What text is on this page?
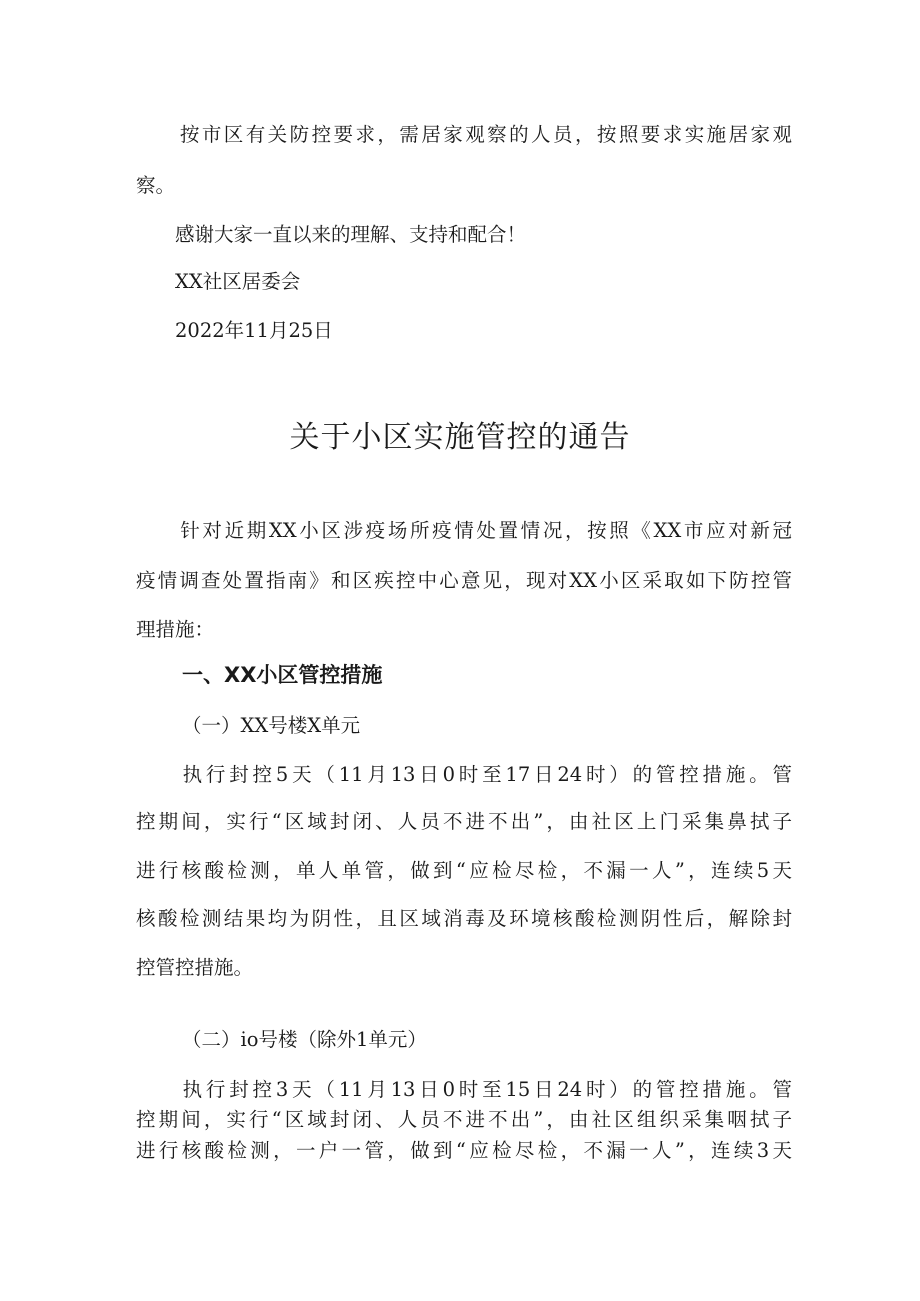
　　按市区有关防控要求，需居家观察的人员，按照要求实施居家观
察。
　　感谢大家一直以来的理解、支持和配合！
　　XX社区居委会
　　2022年11月25日
关于小区实施管控的通告
　　针对近期XX小区涉疫场所疫情处置情况，按照《XX市应对新冠
疫情调查处置指南》和区疾控中心意见，现对XX小区采取如下防控管
理措施：
一、XX小区管控措施
（一）XX号楼X单元
　　执行封控5天（11月13日0时至17日24时）的管控措施。管
控期间，实行“区域封闭、人员不进不出”，由社区上门采集鼻拭子
进行核酸检测，单人单管，做到“应检尽检，不漏一人”，连续5天
核酸检测结果均为阴性，且区域消毒及环境核酸检测阴性后，解除封
控管控措施。
（二）io号楼（除外1单元）
　　执行封控3天（11月13日0时至15日24时）的管控措施。管
控期间，实行“区域封闭、人员不进不出”，由社区组织采集咽拭子
进行核酸检测，一户一管，做到“应检尽检，不漏一人”，连续3天
